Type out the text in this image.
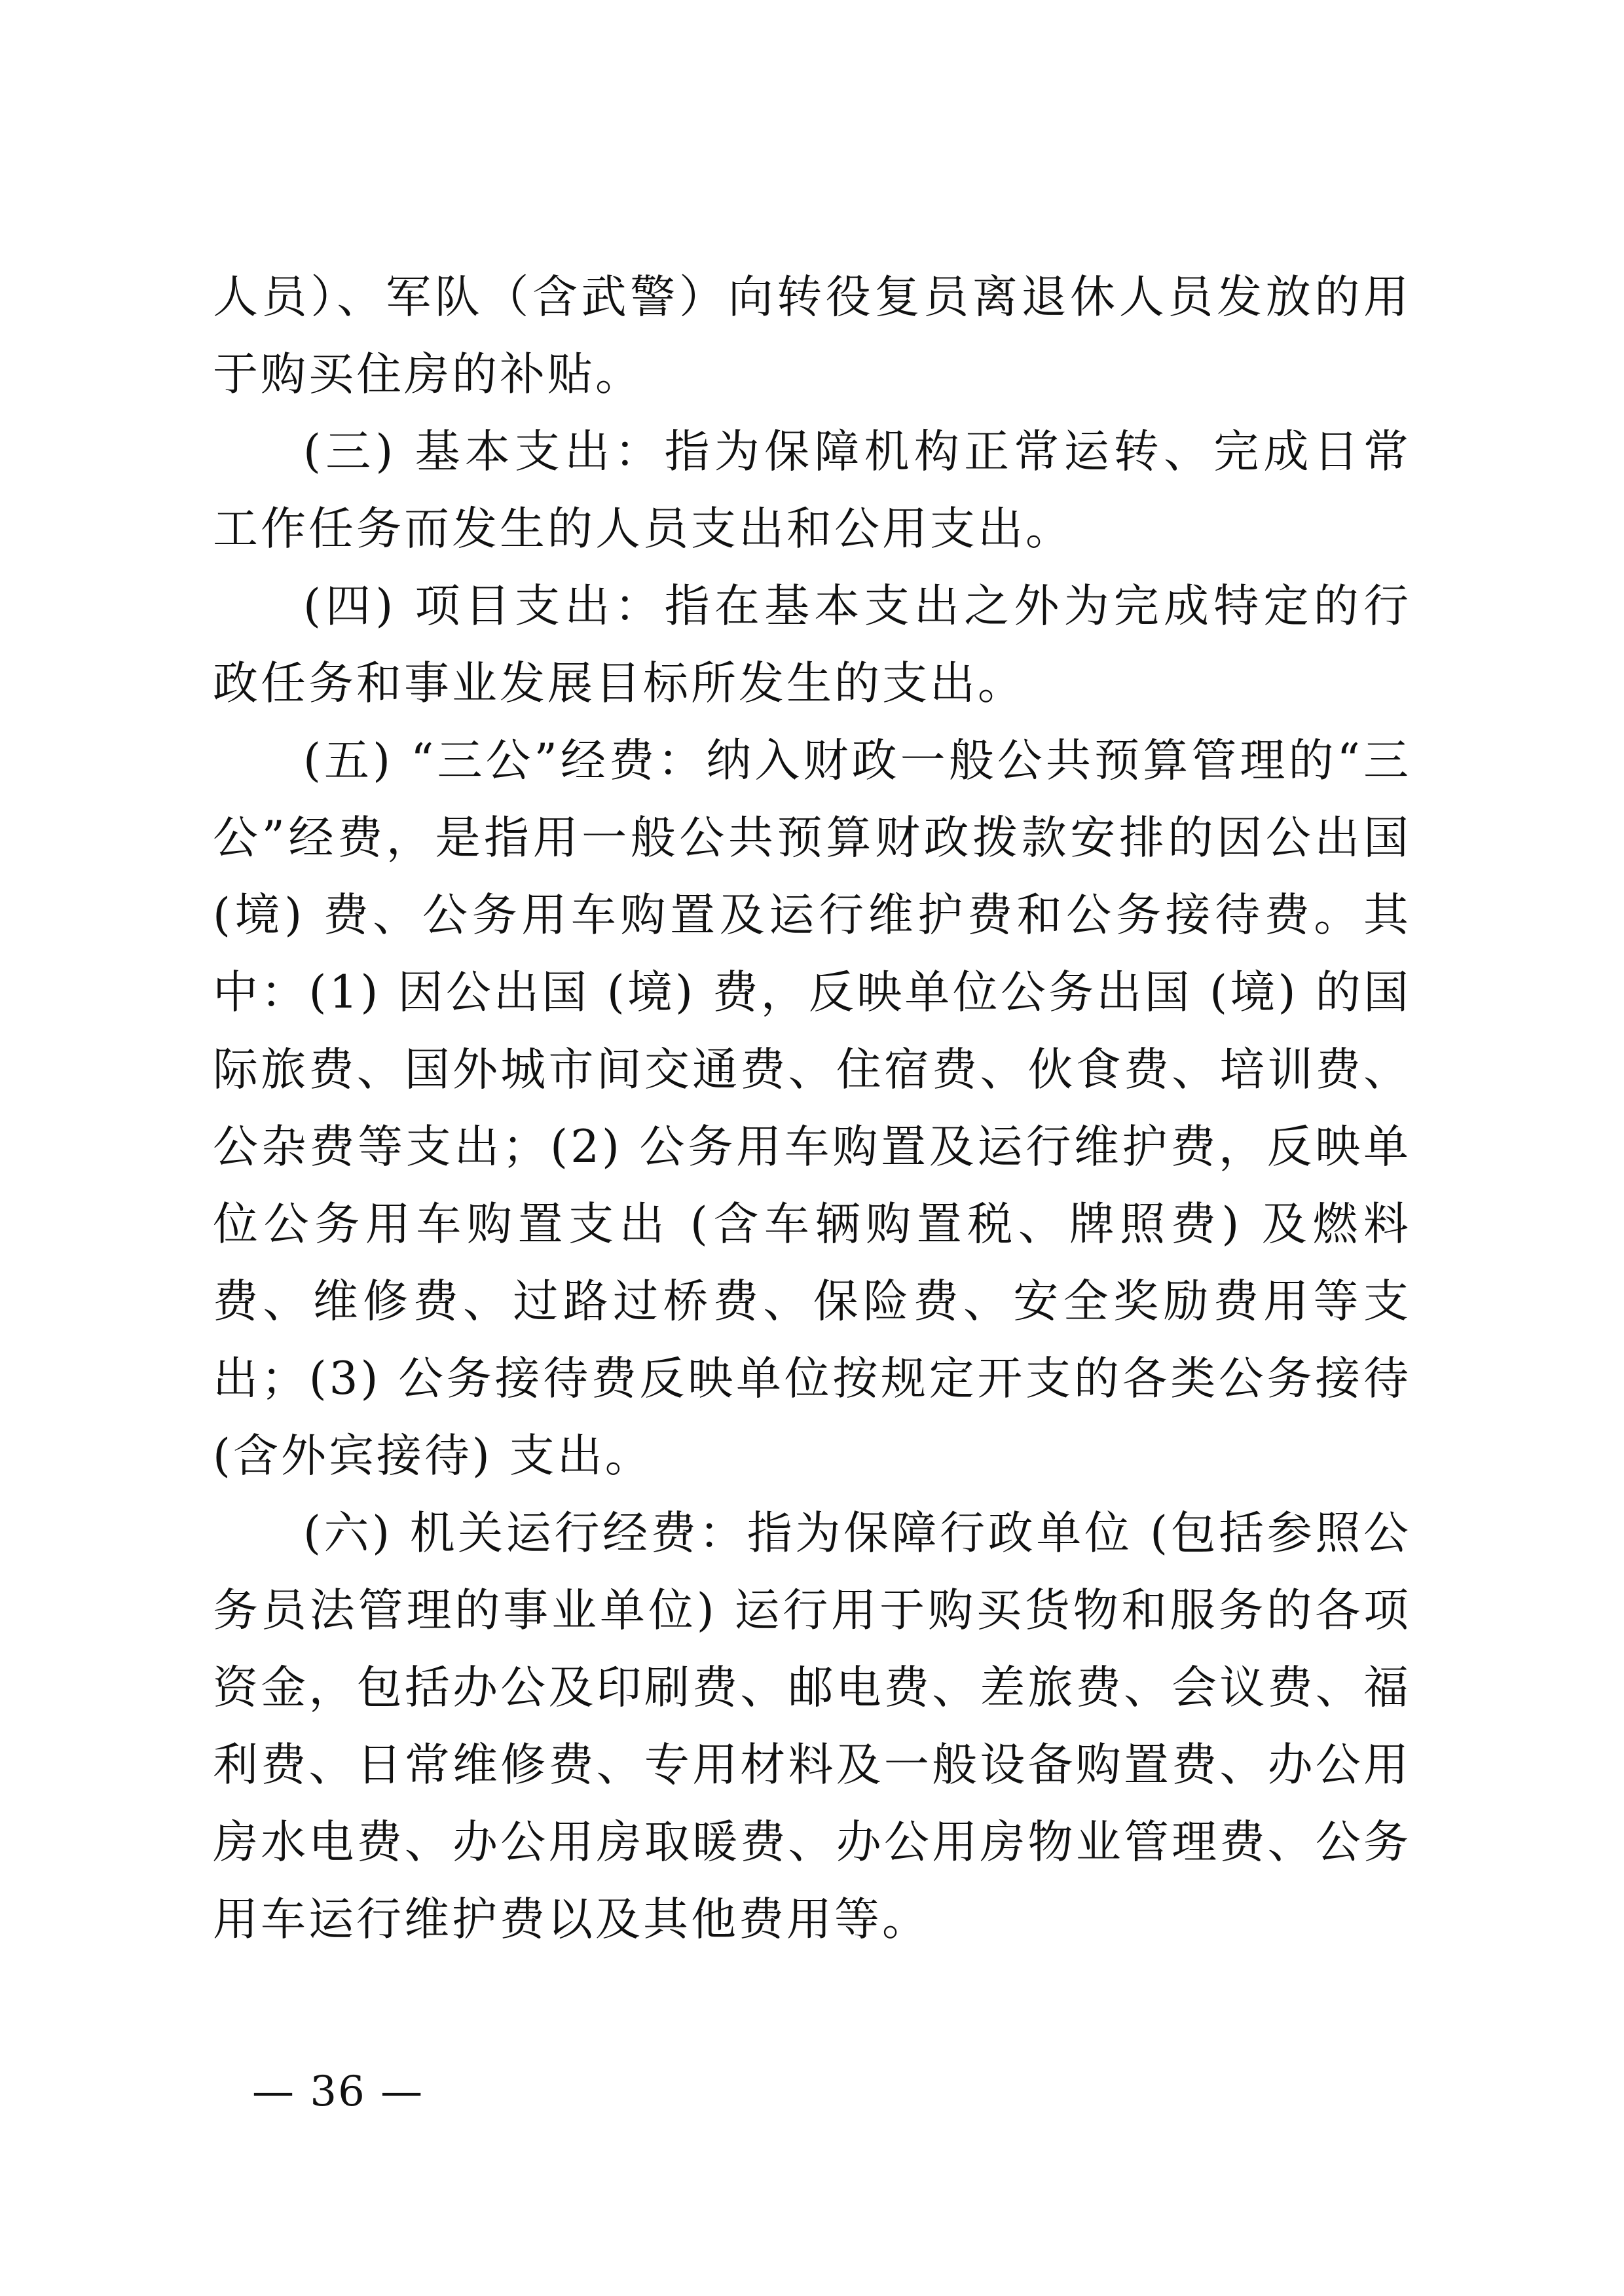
人员）、军队（含武警）向转役复员离退休人员发放的用于购买住房的补贴。

(三) 基本支出：指为保障机构正常运转、完成日常工作任务而发生的人员支出和公用支出。

(四) 项目支出：指在基本支出之外为完成特定的行政任务和事业发展目标所发生的支出。

(五) “三公”经费：纳入财政一般公共预算管理的“三公”经费，是指用一般公共预算财政拨款安排的因公出国 (境) 费、公务用车购置及运行维护费和公务接待费。其中：(1) 因公出国 (境) 费，反映单位公务出国 (境) 的国际旅费、国外城市间交通费、住宿费、伙食费、培训费、公杂费等支出；(2) 公务用车购置及运行维护费，反映单位公务用车购置支出 (含车辆购置税、牌照费) 及燃料费、维修费、过路过桥费、保险费、安全奖励费用等支出；(3) 公务接待费反映单位按规定开支的各类公务接待 (含外宾接待) 支出。

(六) 机关运行经费：指为保障行政单位 (包括参照公务员法管理的事业单位) 运行用于购买货物和服务的各项资金，包括办公及印刷费、邮电费、差旅费、会议费、福利费、日常维修费、专用材料及一般设备购置费、办公用房水电费、办公用房取暖费、办公用房物业管理费、公务用车运行维护费以及其他费用等。

— 36 —
